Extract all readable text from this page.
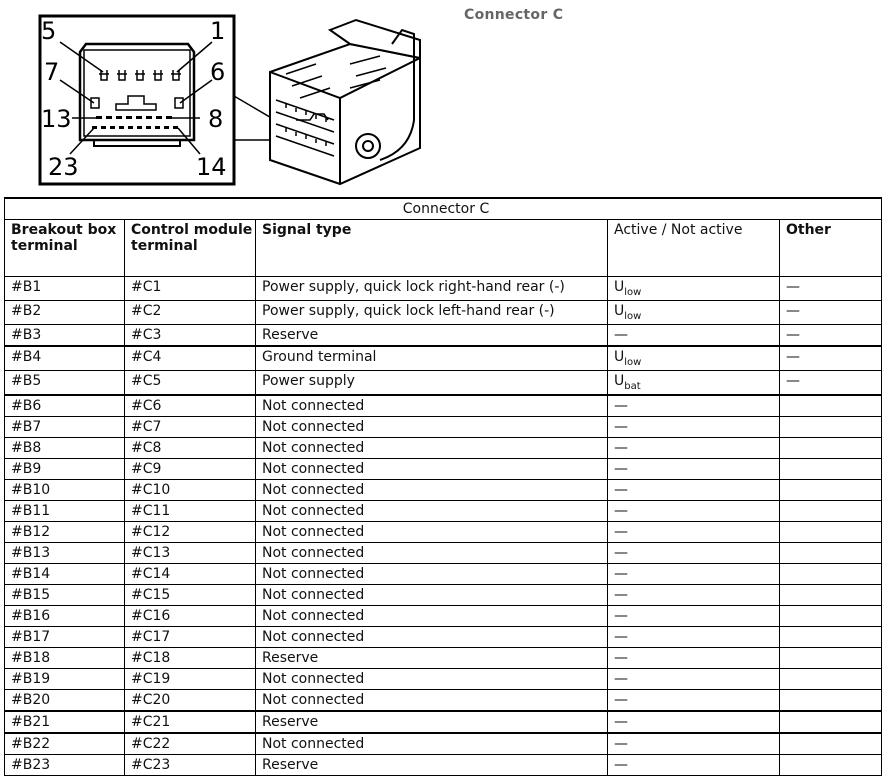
Connector C
5	1
7	6
13	8
23	14
Connector C				
Breakout box terminal	Control module terminal	Signal type	Active / Not active	Other
#B1	#C1	Power supply, quick lock right-hand rear (-)	$U_{low}$	—
#B2	#C2	Power supply, quick lock left-hand rear (-)	$U_{low}$	—
#B3	#C3	Reserve	—	—
#B4	#C4	Ground terminal	$U_{low}$	—
#B5	#C5	Power supply	$U_{bat}$	—
#B6	#C6	Not connected	—	
#B7	#C7	Not connected	—	
#B8	#C8	Not connected	—	
#B9	#C9	Not connected	—	
#B10	#C10	Not connected	—	
#B11	#C11	Not connected	—	
#B12	#C12	Not connected	—	
#B13	#C13	Not connected	—	
#B14	#C14	Not connected	—	
#B15	#C15	Not connected	—	
#B16	#C16	Not connected	—	
#B17	#C17	Not connected	—	
#B18	#C18	Reserve	—	
#B19	#C19	Not connected	—	
#B20	#C20	Not connected	—	
#B21	#C21	Reserve	—	
#B22	#C22	Not connected	—	
#B23	#C23	Reserve	—	
